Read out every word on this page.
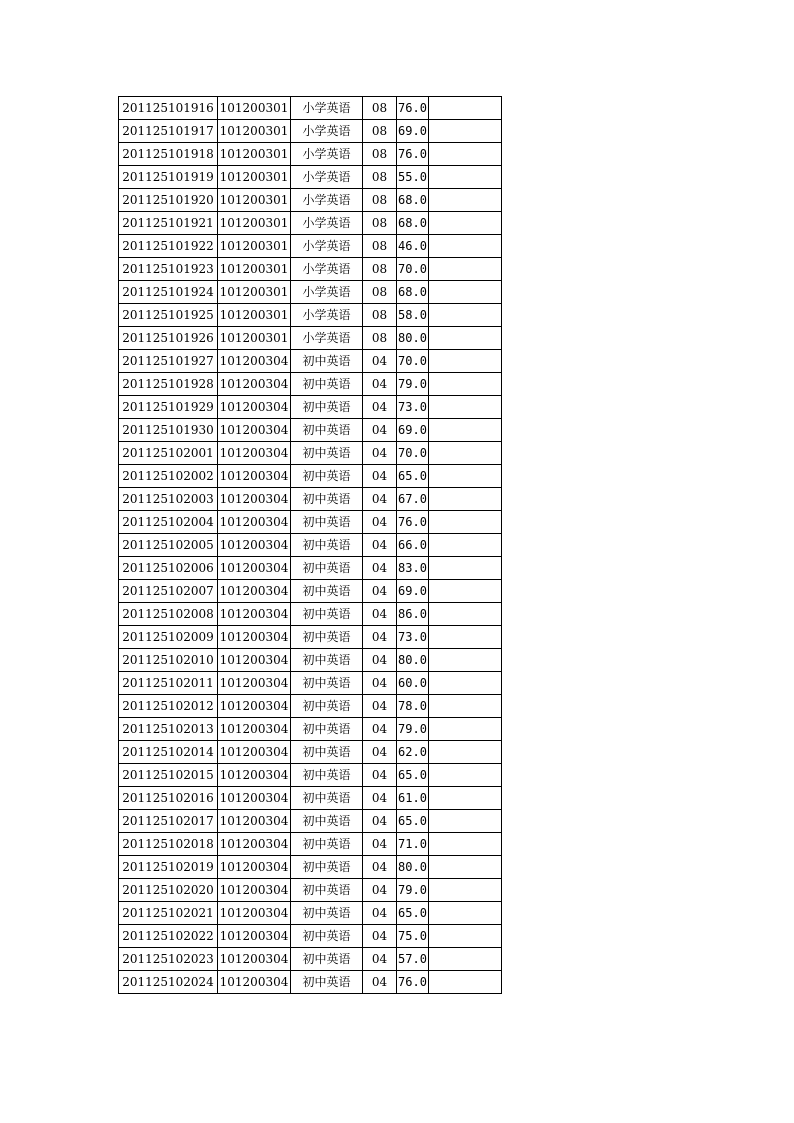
201125101916	101200301	小学英语	08	76.0	
201125101917	101200301	小学英语	08	69.0	
201125101918	101200301	小学英语	08	76.0	
201125101919	101200301	小学英语	08	55.0	
201125101920	101200301	小学英语	08	68.0	
201125101921	101200301	小学英语	08	68.0	
201125101922	101200301	小学英语	08	46.0	
201125101923	101200301	小学英语	08	70.0	
201125101924	101200301	小学英语	08	68.0	
201125101925	101200301	小学英语	08	58.0	
201125101926	101200301	小学英语	08	80.0	
201125101927	101200304	初中英语	04	70.0	
201125101928	101200304	初中英语	04	79.0	
201125101929	101200304	初中英语	04	73.0	
201125101930	101200304	初中英语	04	69.0	
201125102001	101200304	初中英语	04	70.0	
201125102002	101200304	初中英语	04	65.0	
201125102003	101200304	初中英语	04	67.0	
201125102004	101200304	初中英语	04	76.0	
201125102005	101200304	初中英语	04	66.0	
201125102006	101200304	初中英语	04	83.0	
201125102007	101200304	初中英语	04	69.0	
201125102008	101200304	初中英语	04	86.0	
201125102009	101200304	初中英语	04	73.0	
201125102010	101200304	初中英语	04	80.0	
201125102011	101200304	初中英语	04	60.0	
201125102012	101200304	初中英语	04	78.0	
201125102013	101200304	初中英语	04	79.0	
201125102014	101200304	初中英语	04	62.0	
201125102015	101200304	初中英语	04	65.0	
201125102016	101200304	初中英语	04	61.0	
201125102017	101200304	初中英语	04	65.0	
201125102018	101200304	初中英语	04	71.0	
201125102019	101200304	初中英语	04	80.0	
201125102020	101200304	初中英语	04	79.0	
201125102021	101200304	初中英语	04	65.0	
201125102022	101200304	初中英语	04	75.0	
201125102023	101200304	初中英语	04	57.0	
201125102024	101200304	初中英语	04	76.0	
